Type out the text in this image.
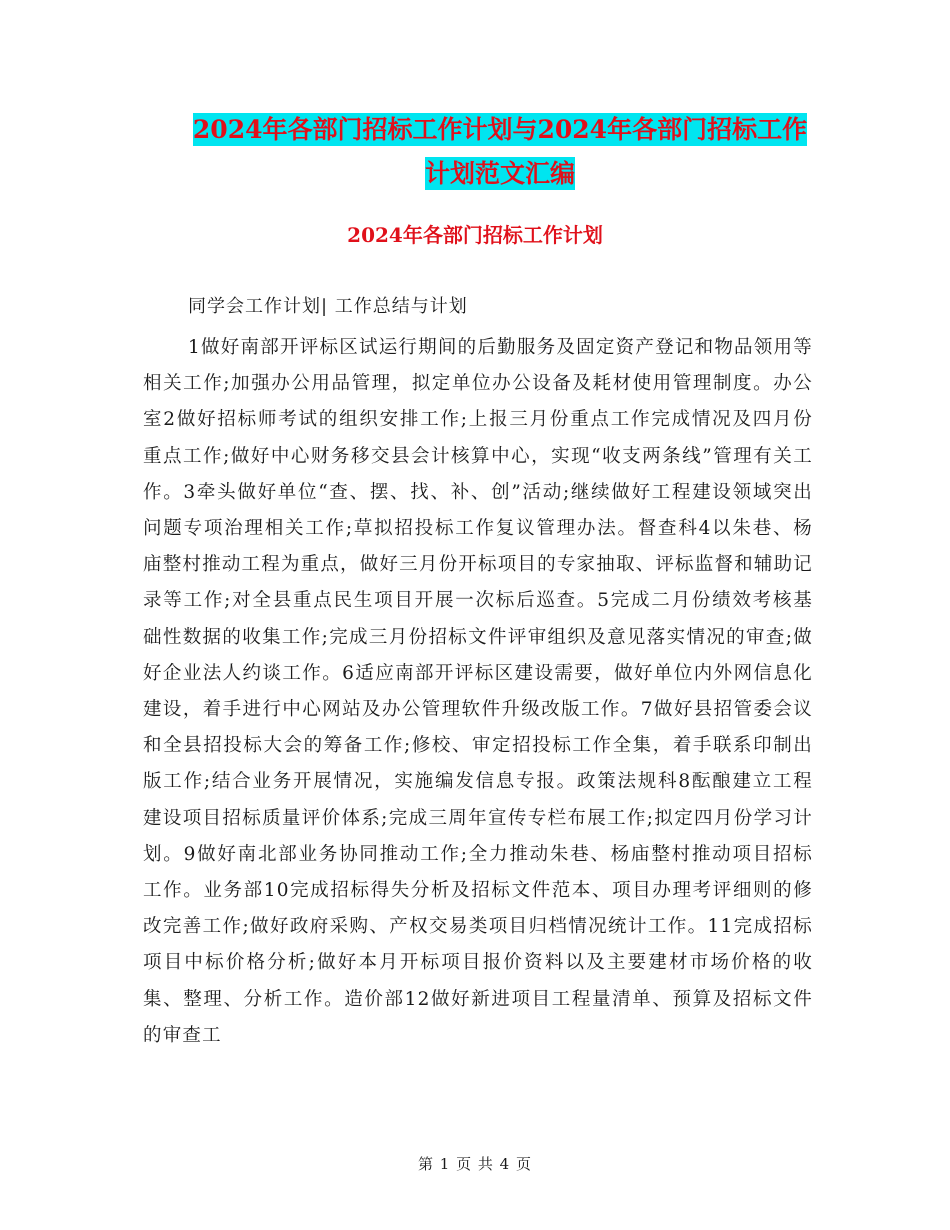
2024年各部门招标工作计划与2024年各部门招标工作
计划范文汇编
2024年各部门招标工作计划
同学会工作计划| 工作总结与计划
1做好南部开评标区试运行期间的后勤服务及固定资产登记和物品领用等相关工作;加强办公用品管理，拟定单位办公设备及耗材使用管理制度。办公室2做好招标师考试的组织安排工作;上报三月份重点工作完成情况及四月份重点工作;做好中心财务移交县会计核算中心，实现“收支两条线”管理有关工作。3牵头做好单位“查、摆、找、补、创”活动;继续做好工程建设领域突出问题专项治理相关工作;草拟招投标工作复议管理办法。督查科4以朱巷、杨庙整村推动工程为重点，做好三月份开标项目的专家抽取、评标监督和辅助记录等工作;对全县重点民生项目开展一次标后巡查。5完成二月份绩效考核基础性数据的收集工作;完成三月份招标文件评审组织及意见落实情况的审查;做好企业法人约谈工作。6适应南部开评标区建设需要，做好单位内外网信息化建设，着手进行中心网站及办公管理软件升级改版工作。7做好县招管委会议和全县招投标大会的筹备工作;修校、审定招投标工作全集，着手联系印制出版工作;结合业务开展情况，实施编发信息专报。政策法规科8酝酿建立工程建设项目招标质量评价体系;完成三周年宣传专栏布展工作;拟定四月份学习计划。9做好南北部业务协同推动工作;全力推动朱巷、杨庙整村推动项目招标工作。业务部10完成招标得失分析及招标文件范本、项目办理考评细则的修改完善工作;做好政府采购、产权交易类项目归档情况统计工作。11完成招标项目中标价格分析;做好本月开标项目报价资料以及主要建材市场价格的收集、整理、分析工作。造价部12做好新进项目工程量清单、预算及招标文件的审查工
第 1 页 共 4 页
